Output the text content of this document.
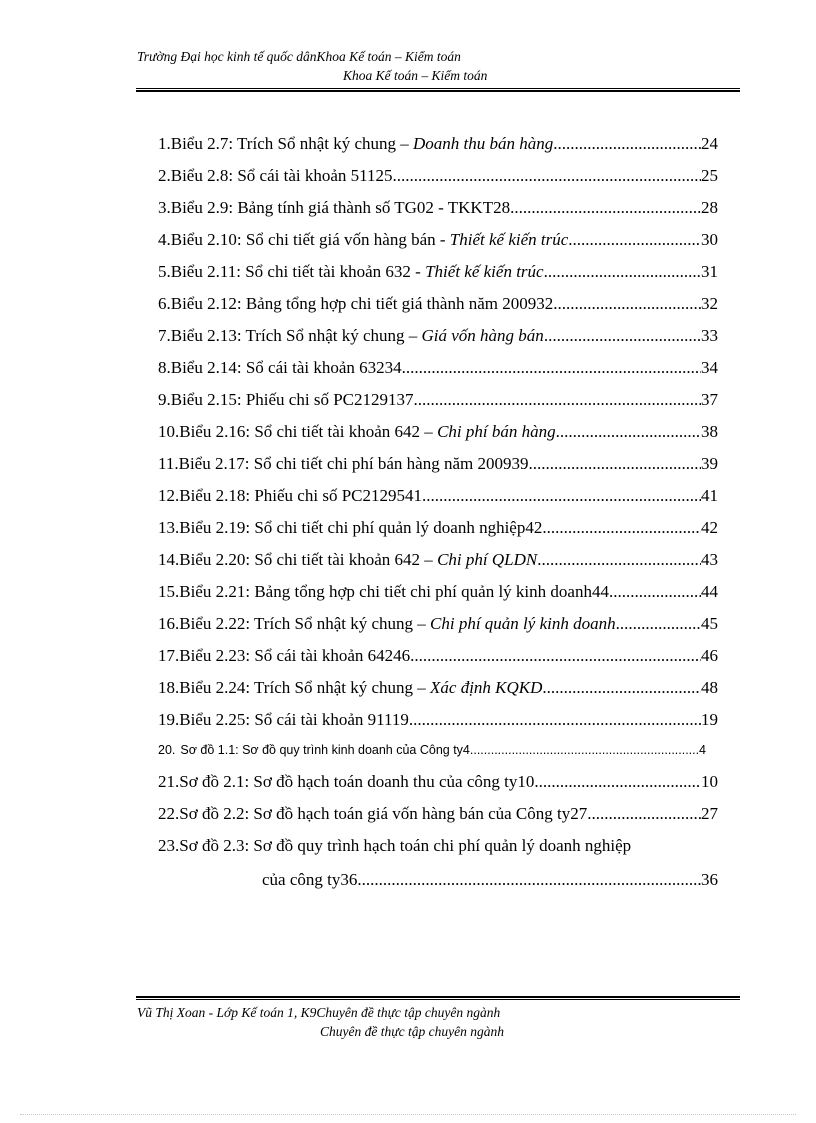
Trường Đại học kinh tế quốc dânKhoa Kế toán – Kiểm toán
Khoa Kế toán – Kiểm toán
1. Biểu 2.7: Trích Sổ nhật ký chung – Doanh thu bán hàng .....	24
2. Biểu 2.8: Sổ cái tài khoản 51125 .....	25
3. Biểu 2.9: Bảng tính giá thành số TG02 - TKKT28 .....	28
4. Biểu 2.10: Sổ chi tiết giá vốn hàng bán - Thiết kế kiến trúc .....	30
5. Biểu 2.11: Sổ chi tiết tài khoản 632 - Thiết kế kiến trúc .....	31
6. Biểu 2.12: Bảng tổng hợp chi tiết giá thành năm 200932 .....	32
7. Biểu 2.13: Trích Sổ nhật ký chung – Giá vốn hàng bán .....	33
8. Biểu 2.14: Sổ cái tài khoản 63234 .....	34
9. Biểu 2.15: Phiếu chi số PC2129137 .....	37
10. Biểu 2.16: Sổ chi tiết tài khoản 642 – Chi phí bán hàng .....	38
11. Biểu 2.17: Sổ chi tiết chi phí bán hàng năm 200939 .....	39
12. Biểu 2.18: Phiếu chi số PC2129541 .....	41
13. Biểu 2.19: Sổ chi tiết chi phí quản lý doanh nghiệp42 .....	42
14. Biểu 2.20: Sổ chi tiết tài khoản 642 – Chi phí QLDN .....	43
15. Biểu 2.21: Bảng tổng hợp chi tiết chi phí quản lý kinh doanh44 .....	44
16. Biểu 2.22: Trích Sổ nhật ký chung – Chi phí quản lý kinh doanh .....	45
17. Biểu 2.23: Sổ cái tài khoản 64246 .....	46
18. Biểu 2.24: Trích Sổ nhật ký chung – Xác định KQKD .....	48
19. Biểu 2.25: Sổ cái tài khoản 91119 .....	19
20. Sơ đồ 1.1: Sơ đồ quy trình kinh doanh của Công ty4 .....	4
21. Sơ đồ 2.1: Sơ đồ hạch toán doanh thu của công ty10 .....	10
22. Sơ đồ 2.2: Sơ đồ hạch toán giá vốn hàng bán của Công ty27 .....	27
23. Sơ đồ 2.3: Sơ đồ quy trình hạch toán chi phí quản lý doanh nghiệp
của công ty36 .....	36
Vũ Thị Xoan - Lớp Kế toán 1, K9Chuyên đề thực tập chuyên ngành
Chuyên đề thực tập chuyên ngành
